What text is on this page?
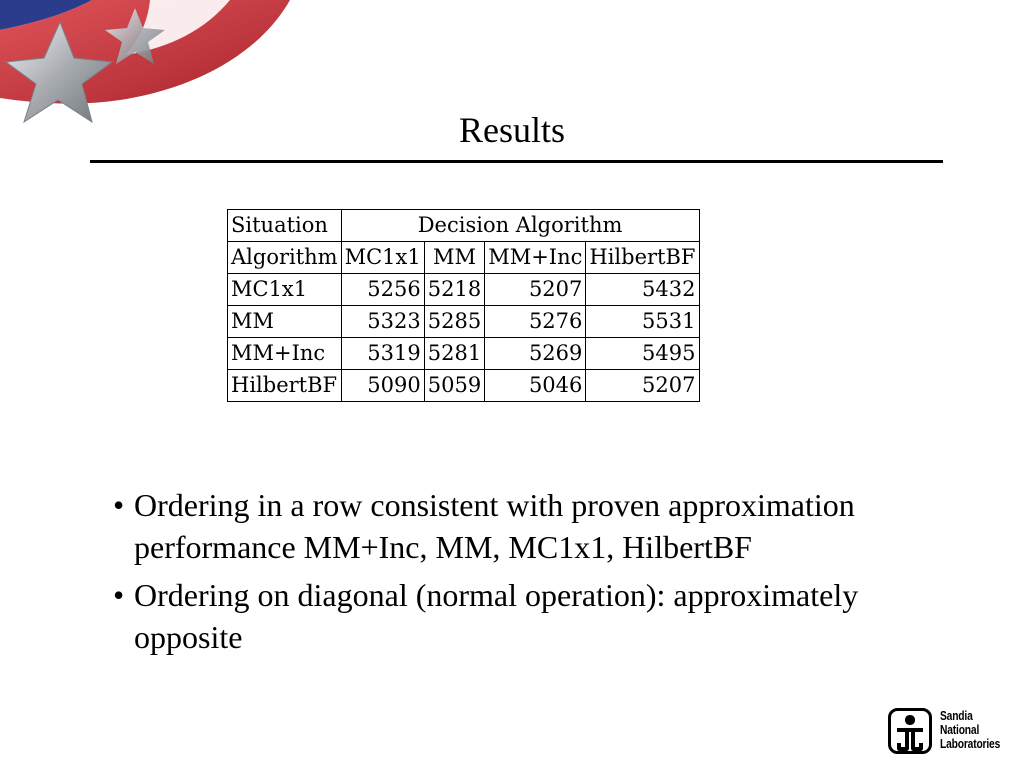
Results
Situation	Decision Algorithm			
Algorithm	MC1x1	MM	MM+Inc	HilbertBF
MC1x1	5256	5218	5207	5432
MM	5323	5285	5276	5531
MM+Inc	5319	5281	5269	5495
HilbertBF	5090	5059	5046	5207
• Ordering in a row consistent with proven approximation performance MM+Inc, MM, MC1x1, HilbertBF
• Ordering on diagonal (normal operation): approximately opposite
Sandia
National
Laboratories
